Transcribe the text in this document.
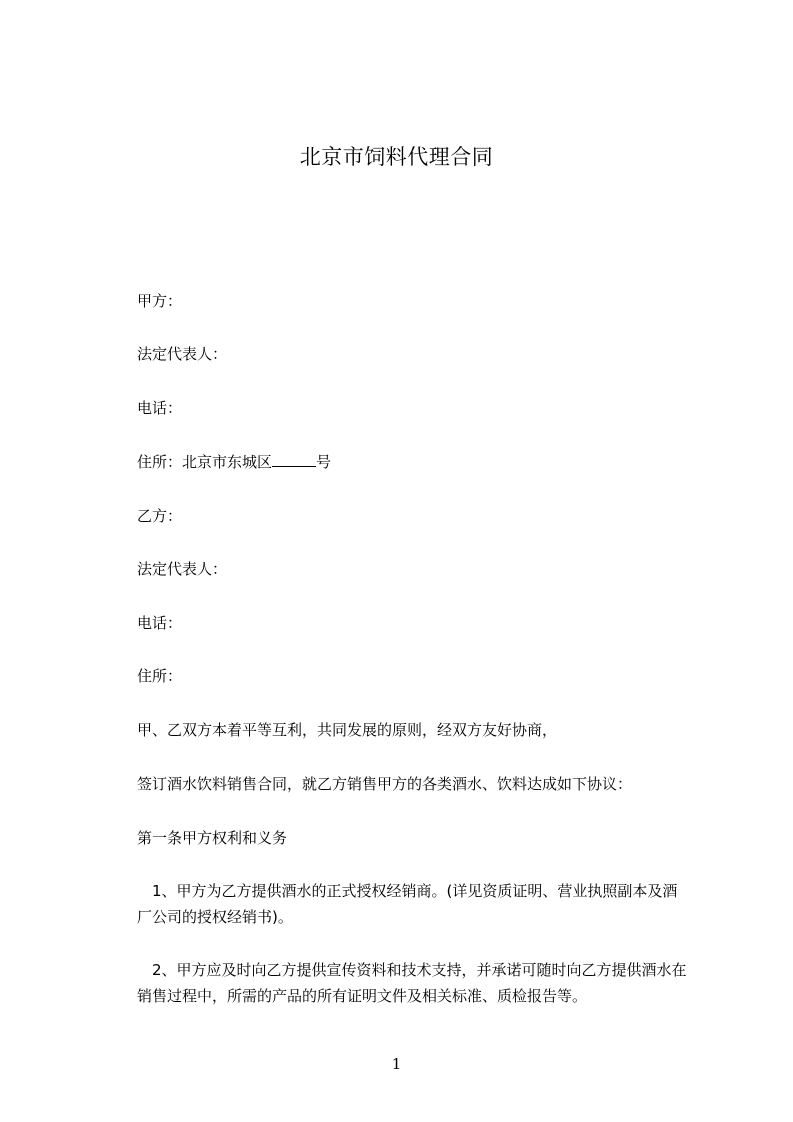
北京市饲料代理合同
甲方：
法定代表人：
电话：
住所：北京市东城区	号
乙方：
法定代表人：
电话：
住所：
甲、乙双方本着平等互利，共同发展的原则，经双方友好协商，
签订酒水饮料销售合同，就乙方销售甲方的各类酒水、饮料达成如下协议：
第一条甲方权利和义务
　1、甲方为乙方提供酒水的正式授权经销商。(详见资质证明、营业执照副本及酒
厂公司的授权经销书)。
　2、甲方应及时向乙方提供宣传资料和技术支持，并承诺可随时向乙方提供酒水在
销售过程中，所需的产品的所有证明文件及相关标准、质检报告等。
1
